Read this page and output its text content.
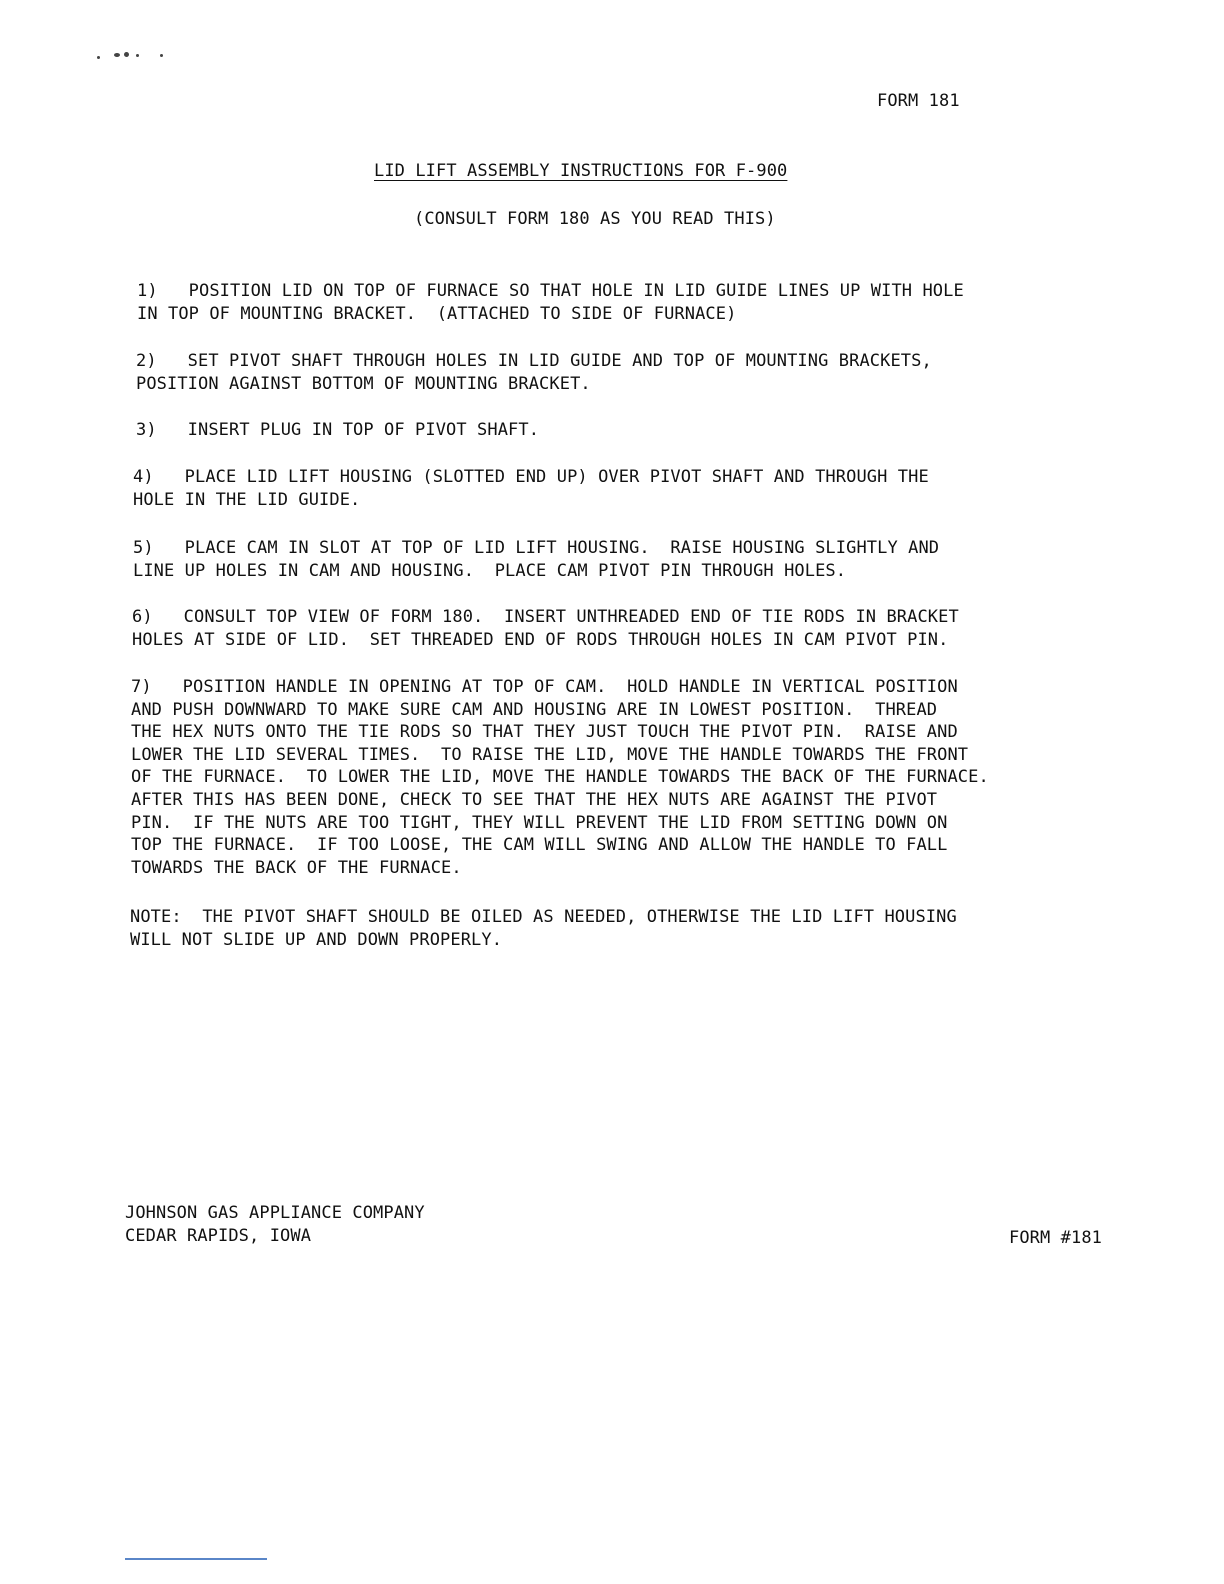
FORM 181
LID LIFT ASSEMBLY INSTRUCTIONS FOR F-900
(CONSULT FORM 180 AS YOU READ THIS)
1)   POSITION LID ON TOP OF FURNACE SO THAT HOLE IN LID GUIDE LINES UP WITH HOLE
IN TOP OF MOUNTING BRACKET.  (ATTACHED TO SIDE OF FURNACE)
2)   SET PIVOT SHAFT THROUGH HOLES IN LID GUIDE AND TOP OF MOUNTING BRACKETS,
POSITION AGAINST BOTTOM OF MOUNTING BRACKET.
3)   INSERT PLUG IN TOP OF PIVOT SHAFT.
4)   PLACE LID LIFT HOUSING (SLOTTED END UP) OVER PIVOT SHAFT AND THROUGH THE
HOLE IN THE LID GUIDE.
5)   PLACE CAM IN SLOT AT TOP OF LID LIFT HOUSING.  RAISE HOUSING SLIGHTLY AND
LINE UP HOLES IN CAM AND HOUSING.  PLACE CAM PIVOT PIN THROUGH HOLES.
6)   CONSULT TOP VIEW OF FORM 180.  INSERT UNTHREADED END OF TIE RODS IN BRACKET
HOLES AT SIDE OF LID.  SET THREADED END OF RODS THROUGH HOLES IN CAM PIVOT PIN.
7)   POSITION HANDLE IN OPENING AT TOP OF CAM.  HOLD HANDLE IN VERTICAL POSITION
AND PUSH DOWNWARD TO MAKE SURE CAM AND HOUSING ARE IN LOWEST POSITION.  THREAD
THE HEX NUTS ONTO THE TIE RODS SO THAT THEY JUST TOUCH THE PIVOT PIN.  RAISE AND
LOWER THE LID SEVERAL TIMES.  TO RAISE THE LID, MOVE THE HANDLE TOWARDS THE FRONT
OF THE FURNACE.  TO LOWER THE LID, MOVE THE HANDLE TOWARDS THE BACK OF THE FURNACE.
AFTER THIS HAS BEEN DONE, CHECK TO SEE THAT THE HEX NUTS ARE AGAINST THE PIVOT
PIN.  IF THE NUTS ARE TOO TIGHT, THEY WILL PREVENT THE LID FROM SETTING DOWN ON
TOP THE FURNACE.  IF TOO LOOSE, THE CAM WILL SWING AND ALLOW THE HANDLE TO FALL
TOWARDS THE BACK OF THE FURNACE.
NOTE:  THE PIVOT SHAFT SHOULD BE OILED AS NEEDED, OTHERWISE THE LID LIFT HOUSING
WILL NOT SLIDE UP AND DOWN PROPERLY.
JOHNSON GAS APPLIANCE COMPANY
CEDAR RAPIDS, IOWA	FORM #181
